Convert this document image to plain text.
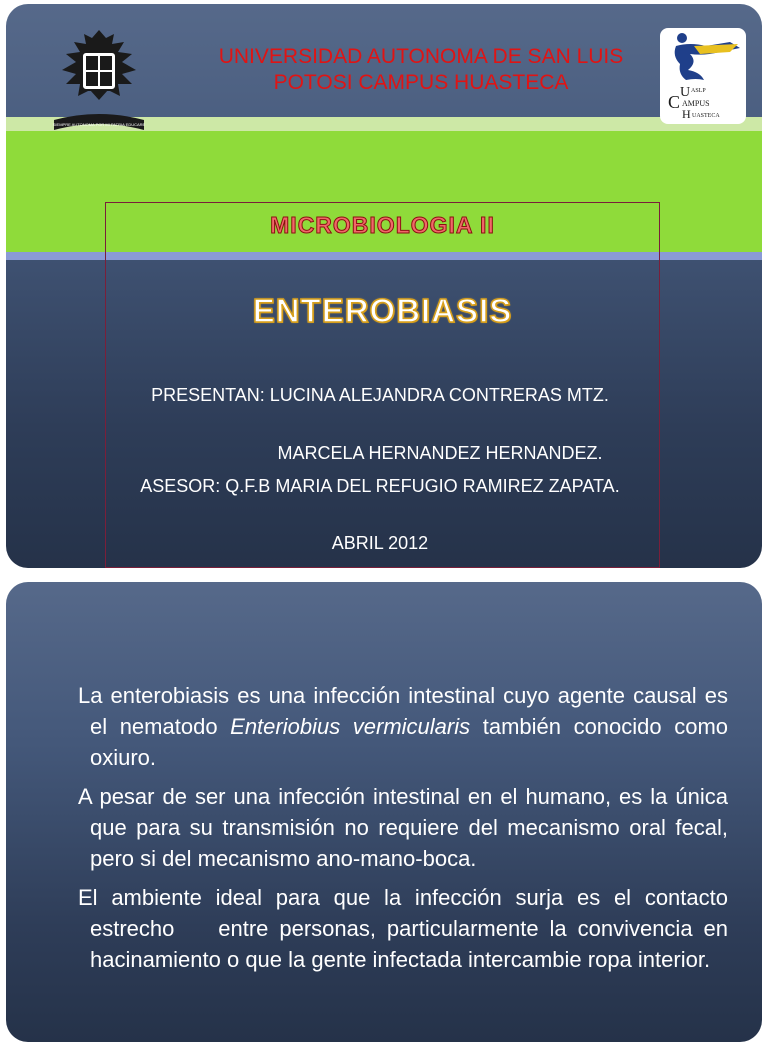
SIEMPRE AUTONOMA POR MI PATRIA EDUCARE
UNIVERSIDAD AUTONOMA DE SAN LUIS POTOSI CAMPUS HUASTECA	U ASLP
C AMPUS
H UASTECA
MICROBIOLOGIA II
ENTEROBIASIS
PRESENTAN: LUCINA ALEJANDRA CONTRERAS MTZ.
MARCELA HERNANDEZ HERNANDEZ.
ASESOR: Q.F.B MARIA DEL REFUGIO RAMIREZ ZAPATA.
ABRIL 2012

La enterobiasis es una infección intestinal cuyo agente causal es el nematodo Enteriobius vermicularis también conocido como oxiuro.

A pesar de ser una infección intestinal en el humano, es la única que para su transmisión no requiere del mecanismo oral fecal, pero si del mecanismo ano-mano-boca.

El ambiente ideal para que la infección surja es el contacto estrecho    entre personas, particularmente la convivencia en hacinamiento o que la gente infectada intercambie ropa interior.
